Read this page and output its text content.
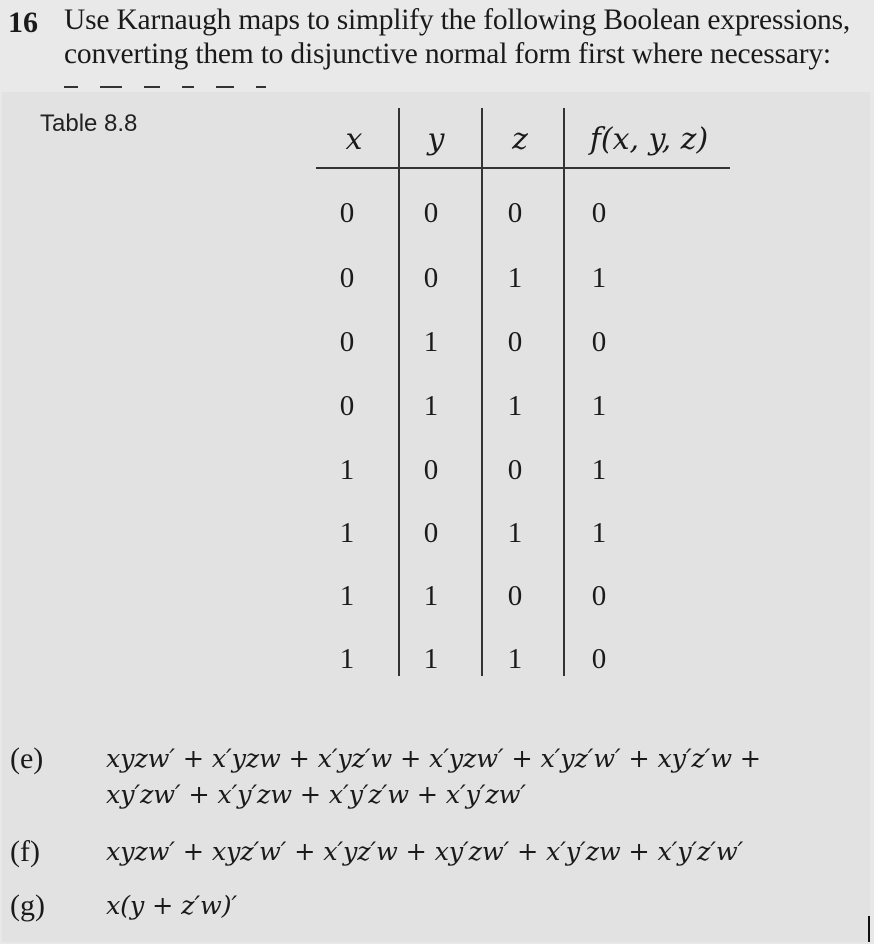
16 Use Karnaugh maps to simplify the following Boolean expressions,
converting them to disjunctive normal form first where necessary:
Table 8.8	x	y	z	f(x, y, z)
0	0	0	0
0	0	1	1
0	1	0	0
0	1	1	1
1	0	0	1
1	0	1	1
1	1	0	0
1	1	1	0
(e) xyzw′ + x′yzw + x′yz′w + x′yzw′ + x′yz′w′ + xy′z′w +
xy′zw′ + x′y′zw + x′y′z′w + x′y′zw′
(f)	xyzw′ + xyz′w′ + x′yz′w + xy′zw′ + x′y′zw + x′y′z′w′
(g) x(y + z′w)′
